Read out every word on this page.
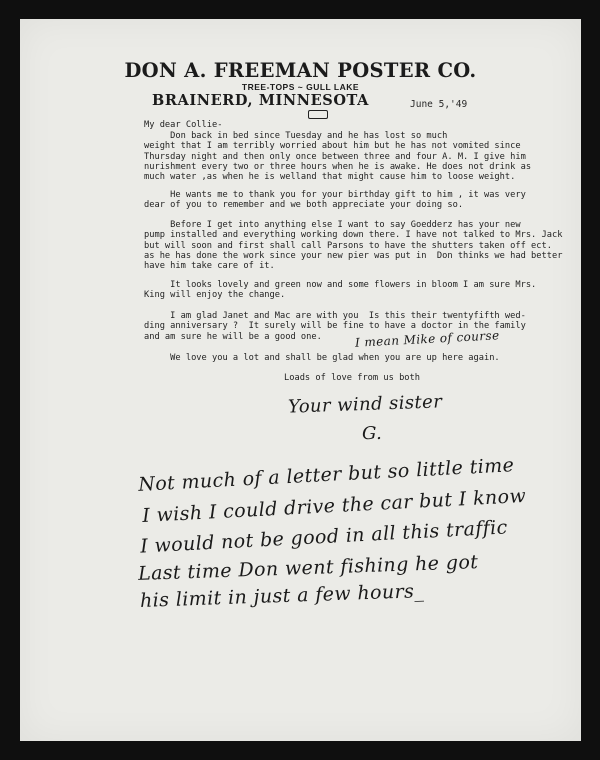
DON A. FREEMAN POSTER CO.
TREE-TOPS ~ GULL LAKE
BRAINERD, MINNESOTA	June 5,'49
My dear Collie-
Don back in bed since Tuesday and he has lost so much
weight that I am terribly worried about him but he has not vomited since
Thursday night and then only once between three and four A. M. I give him
nurishment every two or three hours when he is awake. He does not drink as
much water ,as when he is welland that might cause him to loose weight.
He wants me to thank you for your birthday gift to him , it was very
dear of you to remember and we both appreciate your doing so.
Before I get into anything else I want to say Goedderz has your new
pump installed and everything working down there. I have not talked to Mrs. Jack
but will soon and first shall call Parsons to have the shutters taken off ect.
as he has done the work since your new pier was put in  Don thinks we had better
have him take care of it.
It looks lovely and green now and some flowers in bloom I am sure Mrs.
King will enjoy the change.
I am glad Janet and Mac are with you  Is this their twentyfifth wed-
ding anniversary ?  It surely will be fine to have a doctor in the family
and am sure he will be a good one.
We love you a lot and shall be glad when you are up here again.
I mean Mike of course
Loads of love from us both
Your wind sister
G.
Not much of a letter but so little time
I wish I could drive the car but I know
I would not be good in all this traffic
Last time Don went fishing he got
his limit in just a few hours_
